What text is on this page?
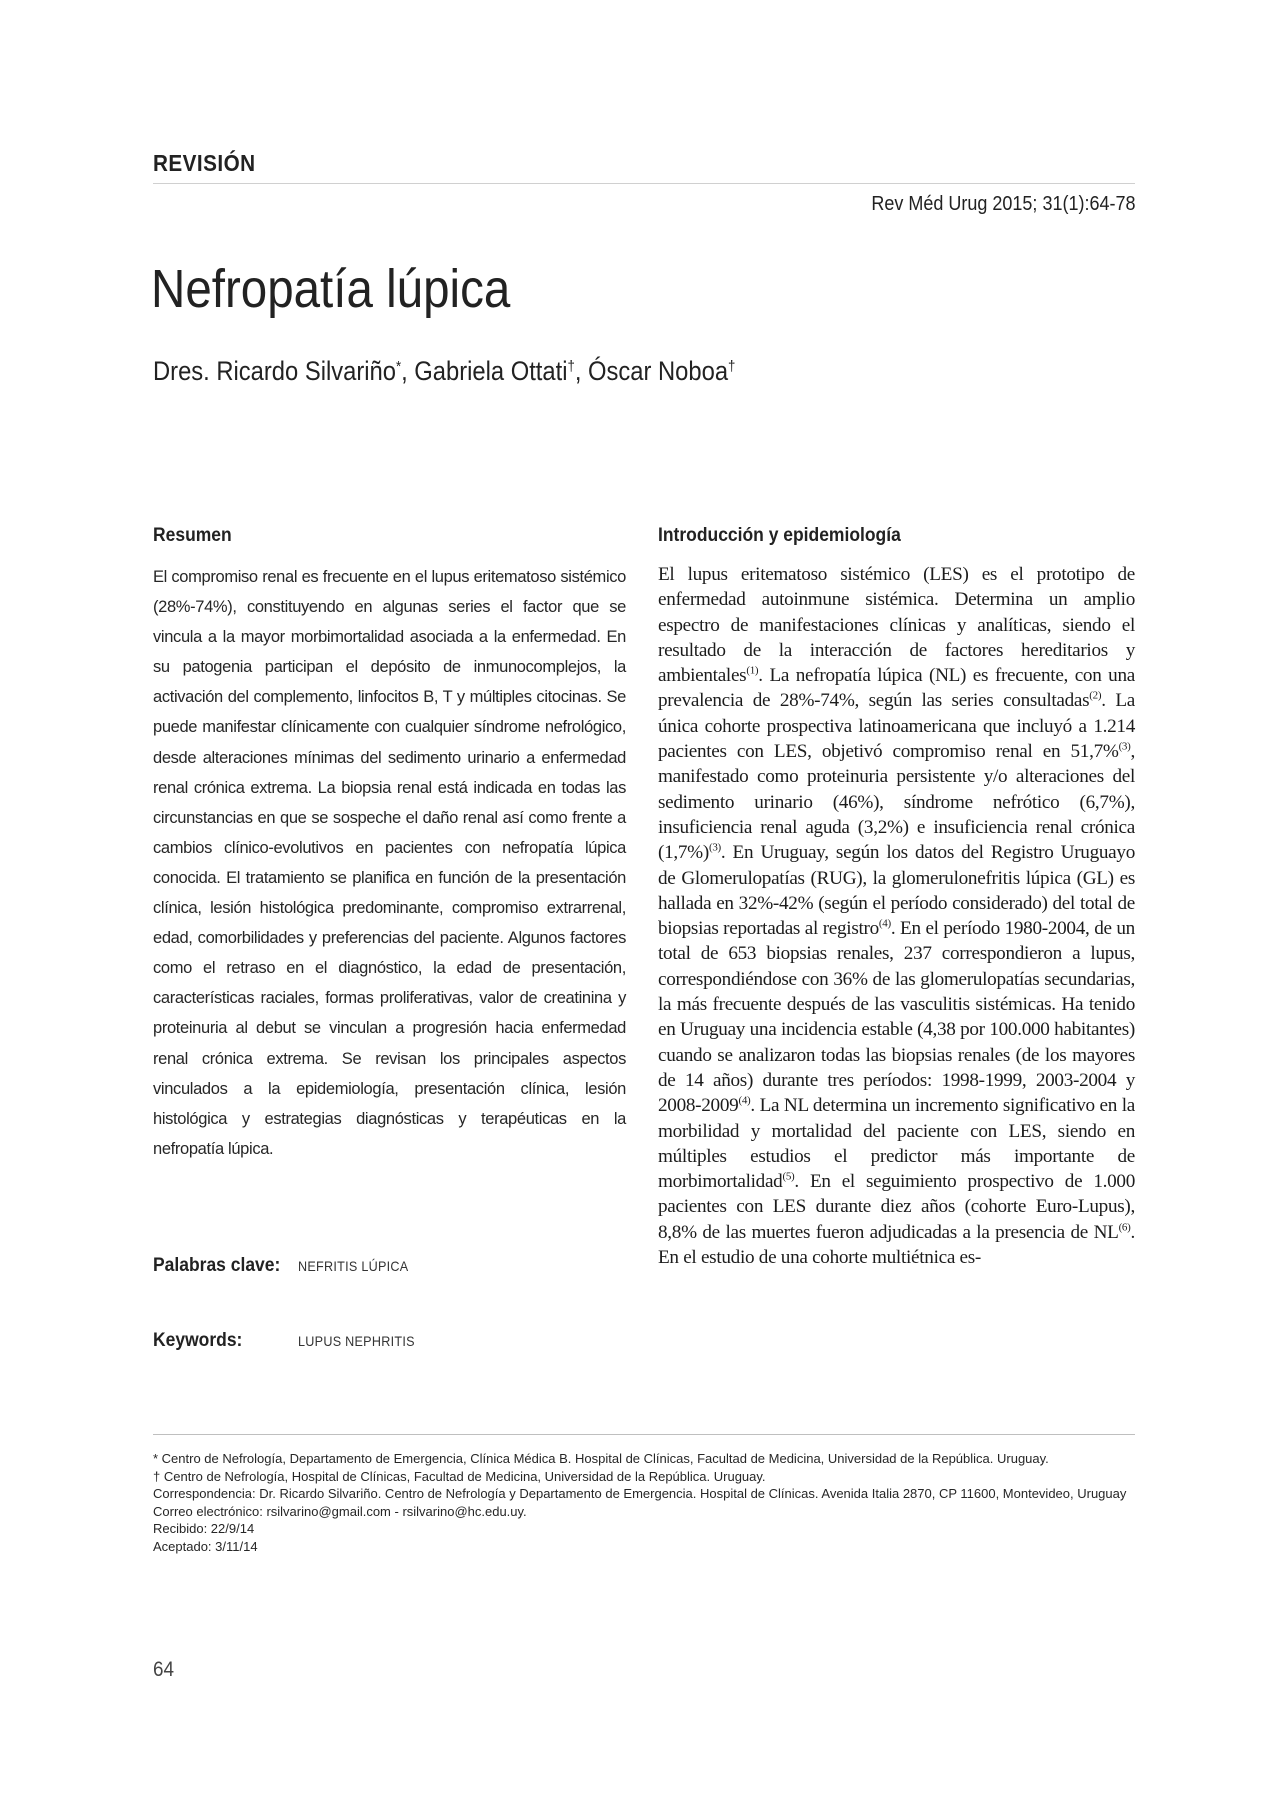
REVISIÓN
Rev Méd Urug 2015; 31(1):64-78
Nefropatía lúpica
Dres. Ricardo Silvariño*, Gabriela Ottati†, Óscar Noboa†
Resumen

El compromiso renal es frecuente en el lupus eritematoso sistémico (28%-74%), constituyendo en algunas series el factor que se vincula a la mayor morbimortalidad asociada a la enfermedad. En su patogenia participan el depósito de inmunocomplejos, la activación del complemento, linfocitos B, T y múltiples citocinas. Se puede manifestar clínicamente con cualquier síndrome nefrológico, desde alteraciones mínimas del sedimento urinario a enfermedad renal crónica extrema. La biopsia renal está indicada en todas las circunstancias en que se sospeche el daño renal así como frente a cambios clínico-evolutivos en pacientes con nefropatía lúpica conocida. El tratamiento se planifica en función de la presentación clínica, lesión histológica predominante, compromiso extrarrenal, edad, comorbilidades y preferencias del paciente. Algunos factores como el retraso en el diagnóstico, la edad de presentación, características raciales, formas proliferativas, valor de creatinina y proteinuria al debut se vinculan a progresión hacia enfermedad renal crónica extrema. Se revisan los principales aspectos vinculados a la epidemiología, presentación clínica, lesión histológica y estrategias diagnósticas y terapéuticas en la nefropatía lúpica.

Palabras clave: NEFRITIS LÚPICA
Keywords:	LUPUS NEPHRITIS
Introducción y epidemiología

El lupus eritematoso sistémico (LES) es el prototipo de enfermedad autoinmune sistémica. Determina un amplio espectro de manifestaciones clínicas y analíticas, siendo el resultado de la interacción de factores hereditarios y ambientales$^{(1)}$. La nefropatía lúpica (NL) es frecuente, con una prevalencia de 28%-74%, según las series consultadas$^{(2)}$. La única cohorte prospectiva latinoamericana que incluyó a 1.214 pacientes con LES, objetivó compromiso renal en 51,7%$^{(3)}$, manifestado como proteinuria persistente y/o alteraciones del sedimento urinario (46%), síndrome nefrótico (6,7%), insuficiencia renal aguda (3,2%) e insuficiencia renal crónica $(1,7\%)^{(3)}$. En Uruguay, según los datos del Registro Uruguayo de Glomerulopatías (RUG), la glomerulonefritis lúpica (GL) es hallada en 32%-42% (según el período considerado) del total de biopsias reportadas al registro$^{(4)}$. En el período 1980-2004, de un total de 653 biopsias renales, 237 correspondieron a lupus, correspondiéndose con 36% de las glomerulopatías secundarias, la más frecuente después de las vasculitis sistémicas. Ha tenido en Uruguay una incidencia estable (4,38 por 100.000 habitantes) cuando se analizaron todas las biopsias renales (de los mayores de 14 años) durante tres períodos: 1998-1999, 2003-2004 y 2008-2009$^{(4)}$. La NL determina un incremento significativo en la morbilidad y mortalidad del paciente con LES, siendo en múltiples estudios el predictor más importante de morbimortalidad$^{(5)}$. En el seguimiento prospectivo de 1.000 pacientes con LES durante diez años (cohorte Euro-Lupus), 8,8% de las muertes fueron adjudicadas a la presencia de NL$^{(6)}$. En el estudio de una cohorte multiétnica es-

* Centro de Nefrología, Departamento de Emergencia, Clínica Médica B. Hospital de Clínicas, Facultad de Medicina, Universidad de la República. Uruguay.
† Centro de Nefrología, Hospital de Clínicas, Facultad de Medicina, Universidad de la República. Uruguay.
Correspondencia: Dr. Ricardo Silvariño. Centro de Nefrología y Departamento de Emergencia. Hospital de Clínicas. Avenida Italia 2870, CP 11600, Montevideo, Uruguay
Correo electrónico: rsilvarino@gmail.com - rsilvarino@hc.edu.uy.
Recibido: 22/9/14
Aceptado: 3/11/14
64
